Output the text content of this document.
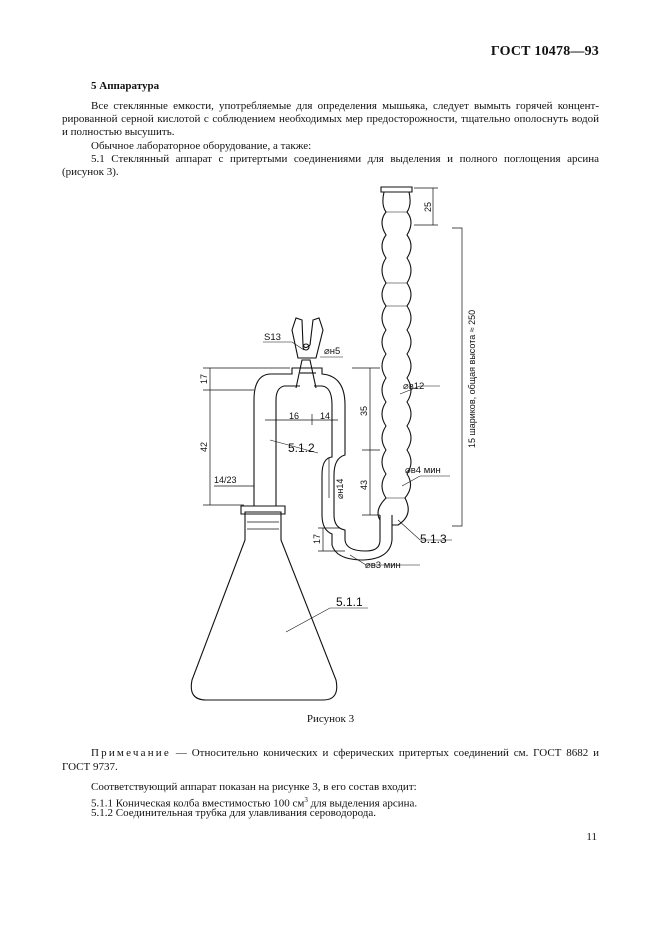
ГОСТ 10478—93
5 Аппаратура
Все стеклянные емкости, употребляемые для определения мышьяка, следует вымыть горячей концент-
рированной серной кислотой с соблюдением необходимых мер предосторожности, тщательно ополоснуть водой
и полностью высушить.
Обычное лабораторное оборудование, а также:
5.1 Стеклянный аппарат с притертыми соединениями для выделения и полного поглощения арсина
(рисунок 3).
S13
⌀н5
⌀в12
⌀в4 мин
⌀в3 мин
5.1.2
5.1.3
5.1.1
14/23
16 14
17
42
25
35
43
17
⌀н14
15 шариков, общая высота ≈ 250
Рисунок 3
Примечание — Относительно конических и сферических притертых соединений см. ГОСТ 8682 и
ГОСТ 9737.
Соответствующий аппарат показан на рисунке 3, в его состав входит:
5.1.1 Коническая колба вместимостью 100 $см^3$ для выделения арсина.
5.1.2 Соединительная трубка для улавливания сероводорода.
11
